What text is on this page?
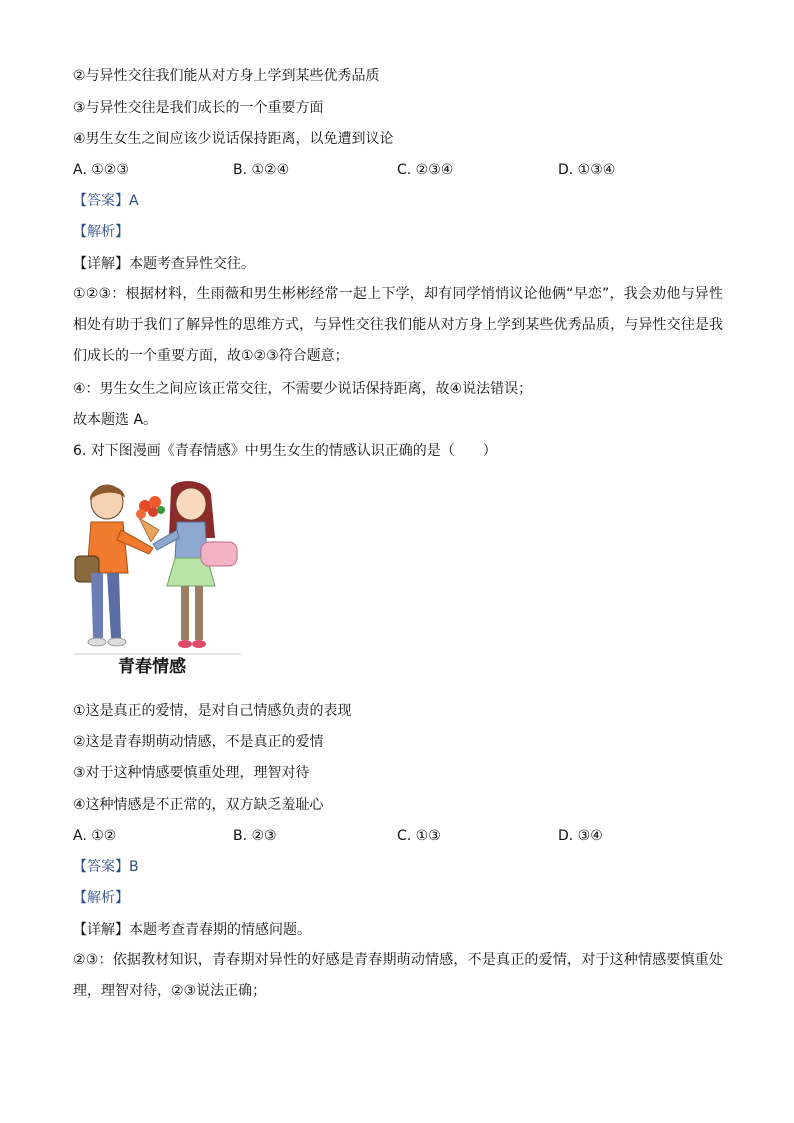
②与异性交往我们能从对方身上学到某些优秀品质
③与异性交往是我们成长的一个重要方面
④男生女生之间应该少说话保持距离，以免遭到议论
A. ①②③	B. ①②④	C. ②③④	D. ①③④
【答案】A
【解析】
【详解】本题考查异性交往。
①②③：根据材料，生雨薇和男生彬彬经常一起上下学，却有同学悄悄议论他俩“早恋”，我会劝他与异性相处有助于我们了解异性的思维方式，与异性交往我们能从对方身上学到某些优秀品质，与异性交往是我们成长的一个重要方面，故①②③符合题意；
④：男生女生之间应该正常交往，不需要少说话保持距离，故④说法错误；
故本题选 A。
6. 对下图漫画《青春情感》中男生女生的情感认识正确的是（　　）
青春情感
①这是真正的爱情，是对自己情感负责的表现
②这是青春期萌动情感，不是真正的爱情
③对于这种情感要慎重处理，理智对待
④这种情感是不正常的，双方缺乏羞耻心
A. ①②	B. ②③	C. ①③	D. ③④
【答案】B
【解析】
【详解】本题考查青春期的情感问题。
②③：依据教材知识，青春期对异性的好感是青春期萌动情感，不是真正的爱情，对于这种情感要慎重处理，理智对待，②③说法正确；
